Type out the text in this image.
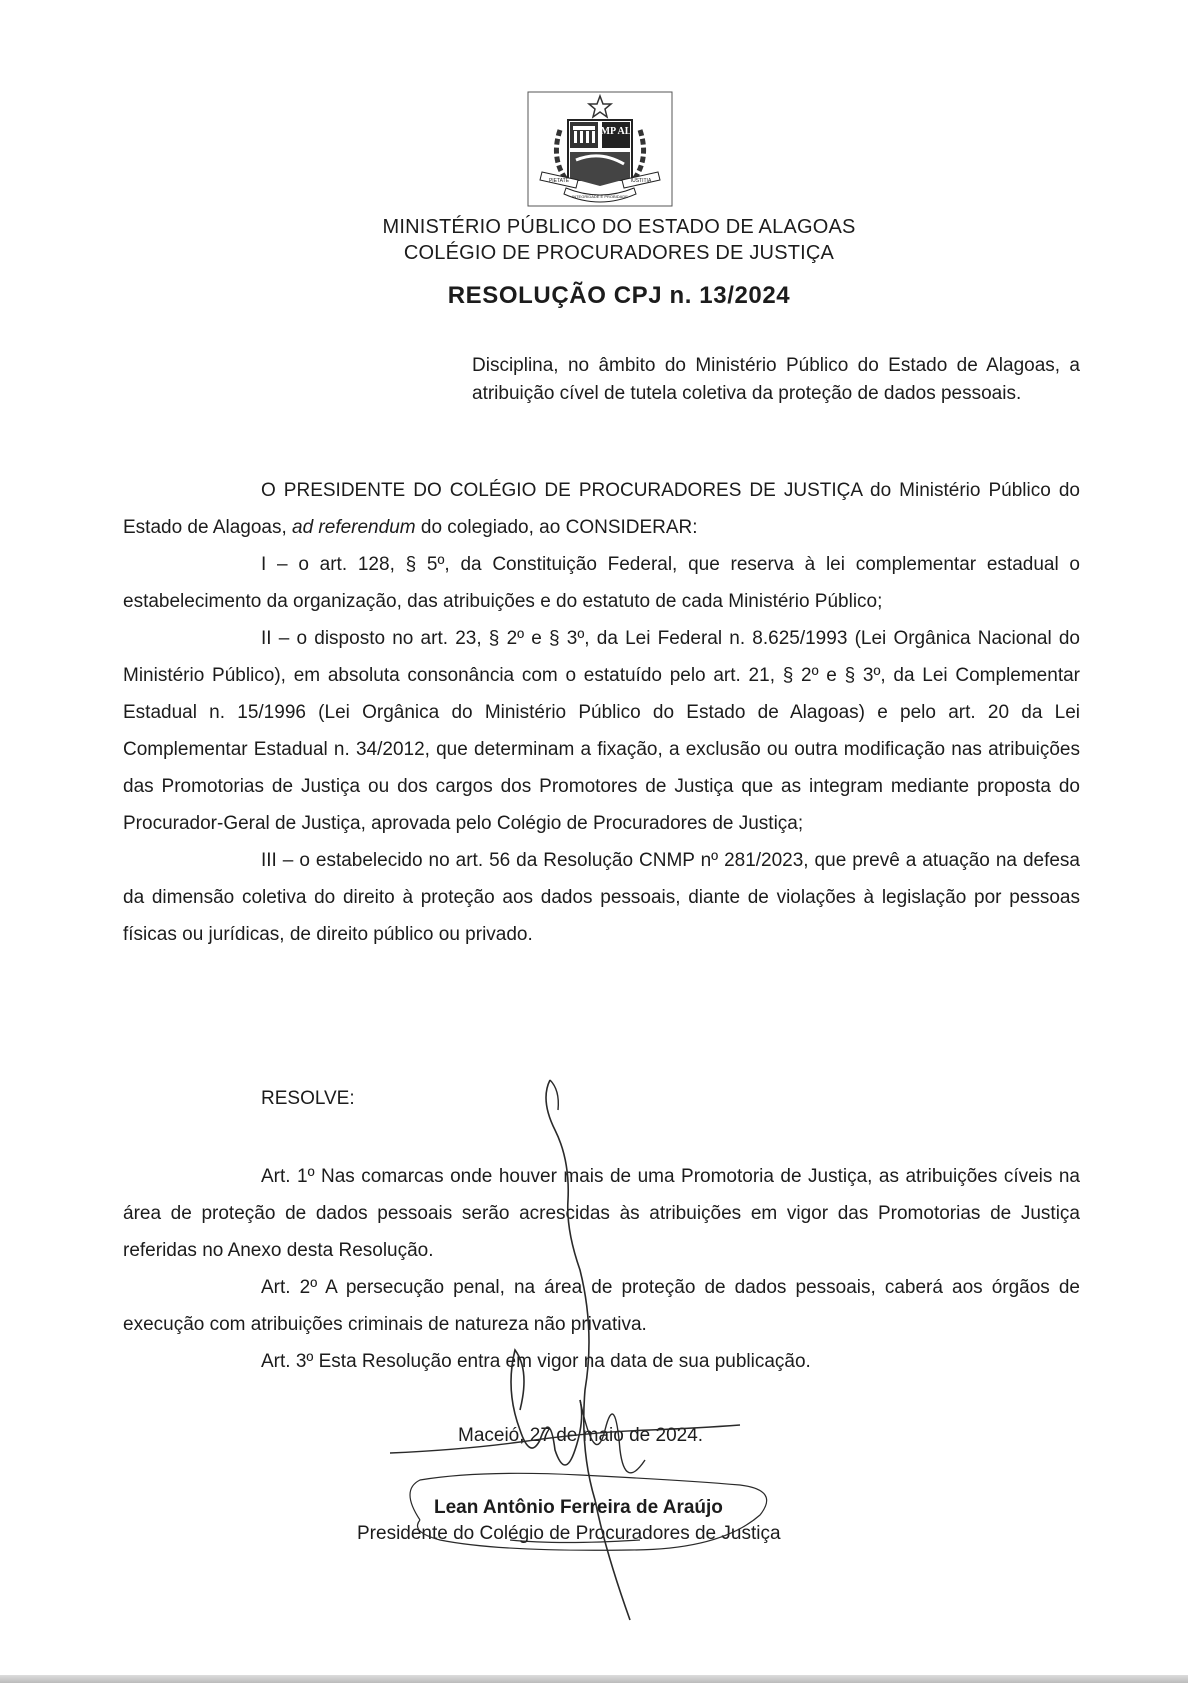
MP AL
PIETATE	IUSTITIA
INTEGRIDADE E PROBIDADE
MINISTÉRIO PÚBLICO DO ESTADO DE ALAGOAS
COLÉGIO DE PROCURADORES DE JUSTIÇA
RESOLUÇÃO CPJ n. 13/2024
Disciplina, no âmbito do Ministério Público do Estado de Alagoas, a atribuição cível de tutela coletiva da proteção de dados pessoais.

O PRESIDENTE DO COLÉGIO DE PROCURADORES DE JUSTIÇA do Ministério Público do Estado de Alagoas, ad referendum do colegiado, ao CONSIDERAR:

I – o art. 128, § 5º, da Constituição Federal, que reserva à lei complementar estadual o estabelecimento da organização, das atribuições e do estatuto de cada Ministério Público;

II – o disposto no art. 23, § 2º e § 3º, da Lei Federal n. 8.625/1993 (Lei Orgânica Nacional do Ministério Público), em absoluta consonância com o estatuído pelo art. 21, § 2º e § 3º, da Lei Complementar Estadual n. 15/1996 (Lei Orgânica do Ministério Público do Estado de Alagoas) e pelo art. 20 da Lei Complementar Estadual n. 34/2012, que determinam a fixação, a exclusão ou outra modificação nas atribuições das Promotorias de Justiça ou dos cargos dos Promotores de Justiça que as integram mediante proposta do Procurador-Geral de Justiça, aprovada pelo Colégio de Procuradores de Justiça;

III – o estabelecido no art. 56 da Resolução CNMP nº 281/2023, que prevê a atuação na defesa da dimensão coletiva do direito à proteção aos dados pessoais, diante de violações à legislação por pessoas físicas ou jurídicas, de direito público ou privado.

RESOLVE:

Art. 1º Nas comarcas onde houver mais de uma Promotoria de Justiça, as atribuições cíveis na área de proteção de dados pessoais serão acrescidas às atribuições em vigor das Promotorias de Justiça referidas no Anexo desta Resolução.

Art. 2º A persecução penal, na área de proteção de dados pessoais, caberá aos órgãos de execução com atribuições criminais de natureza não privativa.

Art. 3º Esta Resolução entra em vigor na data de sua publicação.

Maceió, 27 de maio de 2024.
Lean Antônio Ferreira de Araújo
Presidente do Colégio de Procuradores de Justiça
